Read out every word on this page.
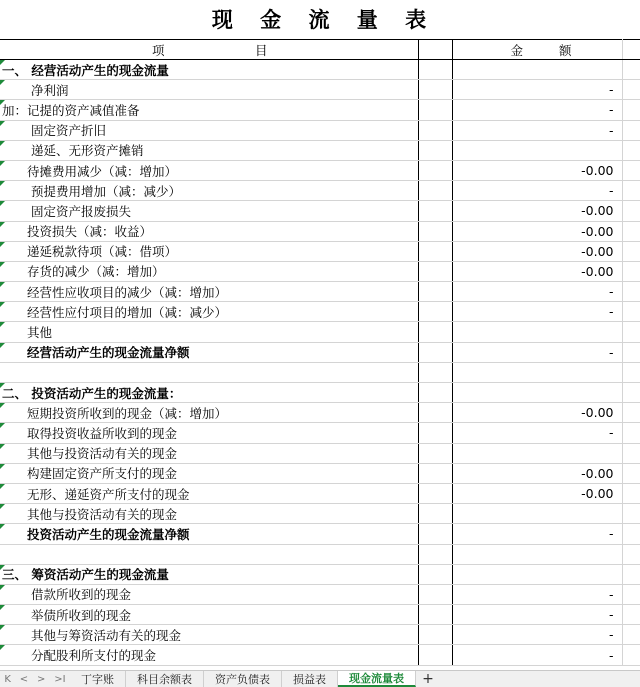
现 金 流 量 表
项 目		金 额	

一、 经营活动产生的现金流量			
净利润		-	
加：记提的资产减值准备		-	
固定资产折旧		-	
递延、无形资产摊销			
待摊费用减少（减：增加）		-0.00	
预提费用增加（减：减少）		-	
固定资产报废损失		-0.00	
投资损失（减：收益）		-0.00	
递延税款待项（减：借项）		-0.00	
存货的减少（减：增加）		-0.00	
经营性应收项目的减少（减：增加）		-	
经营性应付项目的增加（减：减少）		-	
其他			
经营活动产生的现金流量净额		-	

二、 投资活动产生的现金流量：			
短期投资所收到的现金（减：增加）		-0.00	
取得投资收益所收到的现金		-	
其他与投资活动有关的现金			
构建固定资产所支付的现金		-0.00	
无形、递延资产所支付的现金		-0.00	
其他与投资活动有关的现金			
投资活动产生的现金流量净额		-	

三、 筹资活动产生的现金流量			
借款所收到的现金		-	
举债所收到的现金		-	
其他与筹资活动有关的现金		-	
分配股利所支付的现金		-	
K < > >I	丁字账	科目余额表	资产负债表	损益表	现金流量表	+
